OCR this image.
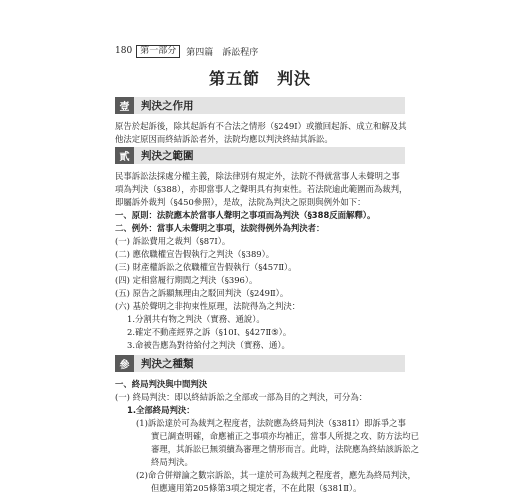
180 第一部分	第四篇　訴訟程序
第五節　判決
壹	判決之作用
原告於起訴後，除其起訴有不合法之情形（§249Ⅰ）或撤回起訴、成立和解及其
他法定原因而終結訴訟者外，法院均應以判決終結其訴訟。
貳	判決之範圍
民事訴訟法採處分權主義，除法律別有規定外，法院不得就當事人未聲明之事
項為判決（§388），亦即當事人之聲明具有拘束性。若法院逾此範圍而為裁判，
即屬訴外裁判（§450參照），是故，法院為判決之原則與例外如下：
一、原則：法院應本於當事人聲明之事項而為判決（§388反面解釋）。
二、例外：當事人未聲明之事項，法院得例外為判決者：
(一) 訴訟費用之裁判（§87Ⅰ）。
(二) 應依職權宣告假執行之判決（§389）。
(三) 財產權訴訟之依職權宣告假執行（§457Ⅱ）。
(四) 定相當履行期間之判決（§396）。
(五) 原告之訴顯無理由之駁回判決（§249Ⅱ）。
(六) 基於聲明之非拘束性原理，法院得為之判決：
1.分割共有物之判決（實務、通說）。
2.確定不動產經界之訴（§10Ⅰ、§427Ⅱ⑤）。
3.命被告應為對待給付之判決（實務、通）。
參	判決之種類
一、終局判決與中間判決
(一) 終局判決：即以終結訴訟之全部或一部為目的之判決，可分為：
1.全部終局判決：
(1)訴訟達於可為裁判之程度者，法院應為終局判決（§381Ⅰ）即訴爭之事
實已調查明確，命應補正之事項亦均補正，當事人所提之攻、防方法均已
審理，其訴訟已無須續為審理之情形而言。此時，法院應為終結該訴訟之
終局判決。
(2)命合併辯論之數宗訴訟，其一達於可為裁判之程度者，應先為終局判決，
但應適用第205條第3項之規定者，不在此限（§381Ⅱ）。
